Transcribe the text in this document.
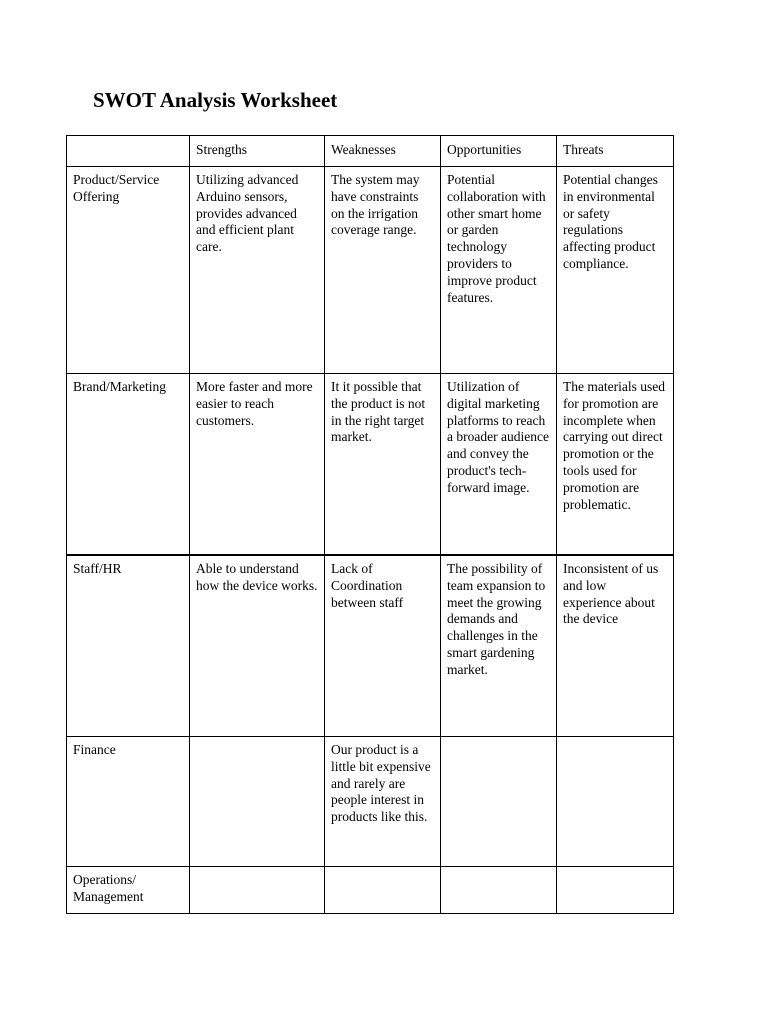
SWOT Analysis Worksheet
	Strengths	Weaknesses	Opportunities	Threats
Product/Service Offering	Utilizing advanced Arduino sensors, provides advanced and efficient plant care.	The system may have constraints on the irrigation coverage range.	Potential collaboration with other smart home or garden technology providers to improve product features.	Potential changes in environmental or safety regulations affecting product compliance.
Brand/Marketing	More faster and more easier to reach customers.	It it possible that the product is not in the right target market.	Utilization of digital marketing platforms to reach a broader audience and convey the product's tech-forward image.	The materials used for promotion are incomplete when carrying out direct promotion or the tools used for promotion are problematic.
Staff/HR	Able to understand how the device works.	Lack of Coordination between staff	The possibility of team expansion to meet the growing demands and challenges in the smart gardening market.	Inconsistent of us and low experience about the device
Finance		Our product is a little bit expensive and rarely are people interest in products like this.		
Operations/ Management				
